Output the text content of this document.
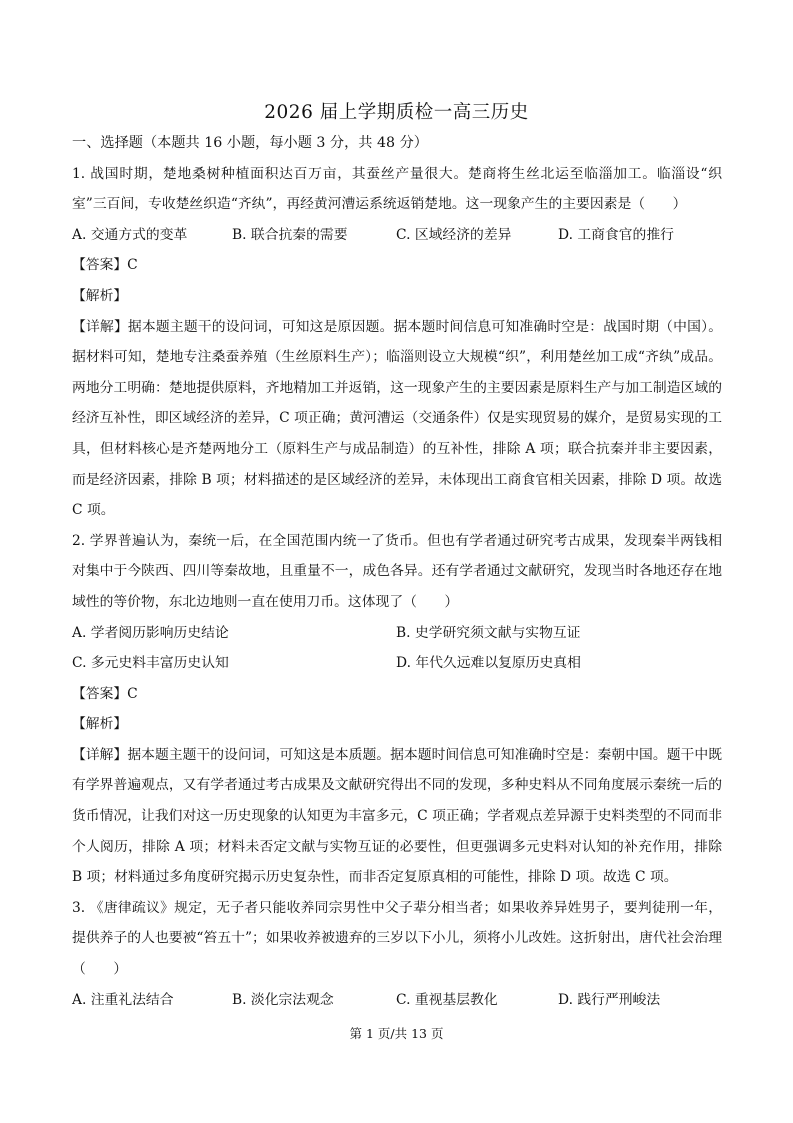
2026 届上学期质检一高三历史

一、选择题（本题共 16 小题，每小题 3 分，共 48 分）

1. 战国时期，楚地桑树种植面积达百万亩，其蚕丝产量很大。楚商将生丝北运至临淄加工。临淄设“织室”三百间，专收楚丝织造“齐纨”，再经黄河漕运系统返销楚地。这一现象产生的主要因素是（　　）

A. 交通方式的变革	B. 联合抗秦的需要	C. 区域经济的差异	D. 工商食官的推行

【答案】C

【解析】

【详解】据本题主题干的设问词，可知这是原因题。据本题时间信息可知准确时空是：战国时期（中国）。据材料可知，楚地专注桑蚕养殖（生丝原料生产）；临淄则设立大规模“织”，利用楚丝加工成“齐纨”成品。两地分工明确：楚地提供原料，齐地精加工并返销，这一现象产生的主要因素是原料生产与加工制造区域的经济互补性，即区域经济的差异，C 项正确；黄河漕运（交通条件）仅是实现贸易的媒介，是贸易实现的工具，但材料核心是齐楚两地分工（原料生产与成品制造）的互补性，排除 A 项；联合抗秦并非主要因素，而是经济因素，排除 B 项；材料描述的是区域经济的差异，未体现出工商食官相关因素，排除 D 项。故选 C 项。

2. 学界普遍认为，秦统一后，在全国范围内统一了货币。但也有学者通过研究考古成果，发现秦半两钱相对集中于今陕西、四川等秦故地，且重量不一，成色各异。还有学者通过文献研究，发现当时各地还存在地域性的等价物，东北边地则一直在使用刀币。这体现了（　　）

A. 学者阅历影响历史结论	B. 史学研究须文献与实物互证
C. 多元史料丰富历史认知	D. 年代久远难以复原历史真相

【答案】C

【解析】

【详解】据本题主题干的设问词，可知这是本质题。据本题时间信息可知准确时空是：秦朝中国。题干中既有学界普遍观点，又有学者通过考古成果及文献研究得出不同的发现，多种史料从不同角度展示秦统一后的货币情况，让我们对这一历史现象的认知更为丰富多元，C 项正确；学者观点差异源于史料类型的不同而非个人阅历，排除 A 项；材料未否定文献与实物互证的必要性，但更强调多元史料对认知的补充作用，排除 B 项；材料通过多角度研究揭示历史复杂性，而非否定复原真相的可能性，排除 D 项。故选 C 项。

3. 《唐律疏议》规定，无子者只能收养同宗男性中父子辈分相当者；如果收养异姓男子，要判徒刑一年，提供养子的人也要被“笞五十”；如果收养被遗弃的三岁以下小儿，须将小儿改姓。这折射出，唐代社会治理（　　）

A. 注重礼法结合	B. 淡化宗法观念	C. 重视基层教化	D. 践行严刑峻法
第 1 页/共 13 页
